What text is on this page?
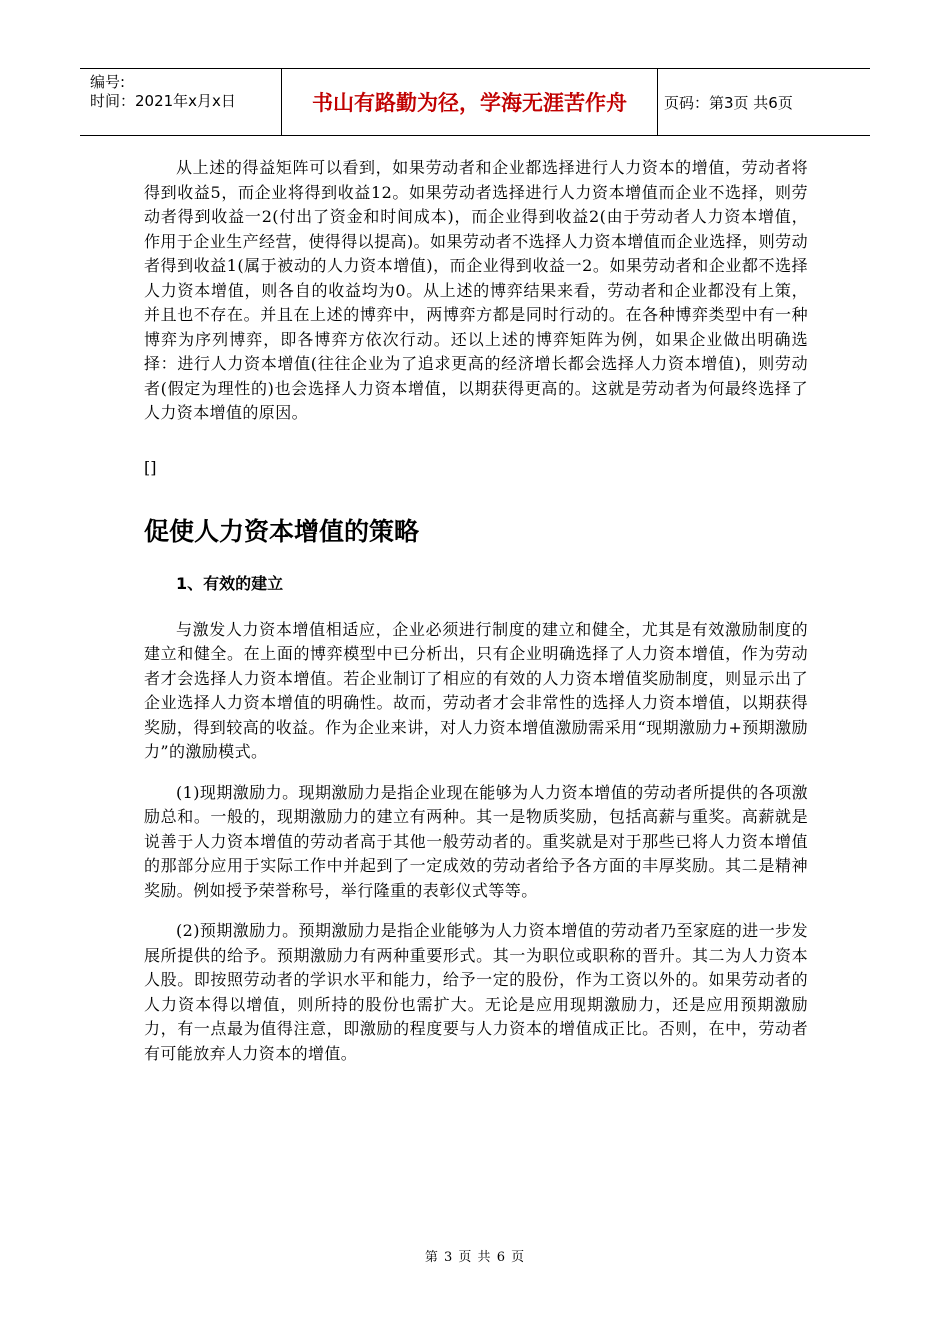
编号:
时间：2021年x月x日	书山有路勤为径，学海无涯苦作舟	页码：第3页 共6页

从上述的得益矩阵可以看到，如果劳动者和企业都选择进行人力资本的增值，劳动者将得到收益5，而企业将得到收益12。如果劳动者选择进行人力资本增值而企业不选择，则劳动者得到收益一2(付出了资金和时间成本)，而企业得到收益2(由于劳动者人力资本增值，作用于企业生产经营，使得得以提高)。如果劳动者不选择人力资本增值而企业选择，则劳动者得到收益1(属于被动的人力资本增值)，而企业得到收益一2。如果劳动者和企业都不选择人力资本增值，则各自的收益均为0。从上述的博弈结果来看，劳动者和企业都没有上策，并且也不存在。并且在上述的博弈中，两博弈方都是同时行动的。在各种博弈类型中有一种博弈为序列博弈，即各博弈方依次行动。还以上述的博弈矩阵为例，如果企业做出明确选择：进行人力资本增值(往往企业为了追求更高的经济增长都会选择人力资本增值)，则劳动者(假定为理性的)也会选择人力资本增值，以期获得更高的。这就是劳动者为何最终选择了人力资本增值的原因。

[]
促使人力资本增值的策略
1、有效的建立

与激发人力资本增值相适应，企业必须进行制度的建立和健全，尤其是有效激励制度的建立和健全。在上面的博弈模型中已分析出，只有企业明确选择了人力资本增值，作为劳动者才会选择人力资本增值。若企业制订了相应的有效的人力资本增值奖励制度，则显示出了企业选择人力资本增值的明确性。故而，劳动者才会非常性的选择人力资本增值，以期获得奖励，得到较高的收益。作为企业来讲，对人力资本增值激励需采用“现期激励力+预期激励力”的激励模式。

(1)现期激励力。现期激励力是指企业现在能够为人力资本增值的劳动者所提供的各项激励总和。一般的，现期激励力的建立有两种。其一是物质奖励，包括高薪与重奖。高薪就是说善于人力资本增值的劳动者高于其他一般劳动者的。重奖就是对于那些已将人力资本增值的那部分应用于实际工作中并起到了一定成效的劳动者给予各方面的丰厚奖励。其二是精神奖励。例如授予荣誉称号，举行隆重的表彰仪式等等。

(2)预期激励力。预期激励力是指企业能够为人力资本增值的劳动者乃至家庭的进一步发展所提供的给予。预期激励力有两种重要形式。其一为职位或职称的晋升。其二为人力资本人股。即按照劳动者的学识水平和能力，给予一定的股份，作为工资以外的。如果劳动者的人力资本得以增值，则所持的股份也需扩大。无论是应用现期激励力，还是应用预期激励力，有一点最为值得注意，即激励的程度要与人力资本的增值成正比。否则，在中，劳动者有可能放弃人力资本的增值。

第 3 页 共 6 页
